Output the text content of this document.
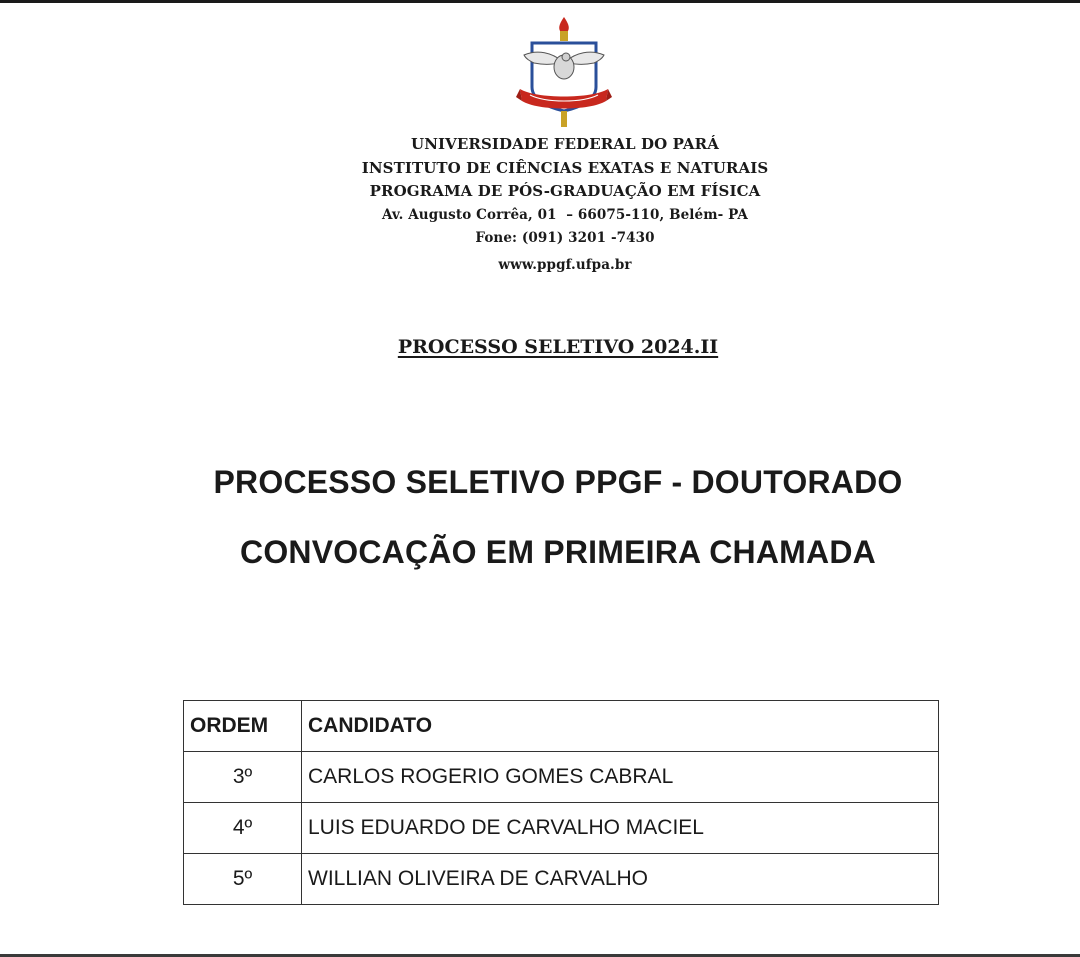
UNIVERSIDADE FEDERAL DO PARÁ
INSTITUTO DE CIÊNCIAS EXATAS E NATURAIS
PROGRAMA DE PÓS-GRADUAÇÃO EM FÍSICA
Av. Augusto Corrêa, 01  – 66075-110, Belém- PA
Fone: (091) 3201 -7430
www.ppgf.ufpa.br
PROCESSO SELETIVO 2024.II
PROCESSO SELETIVO PPGF - DOUTORADO
CONVOCAÇÃO EM PRIMEIRA CHAMADA
ORDEM	CANDIDATO
3º	CARLOS ROGERIO GOMES CABRAL
4º	LUIS EDUARDO DE CARVALHO MACIEL
5º	WILLIAN OLIVEIRA DE CARVALHO
